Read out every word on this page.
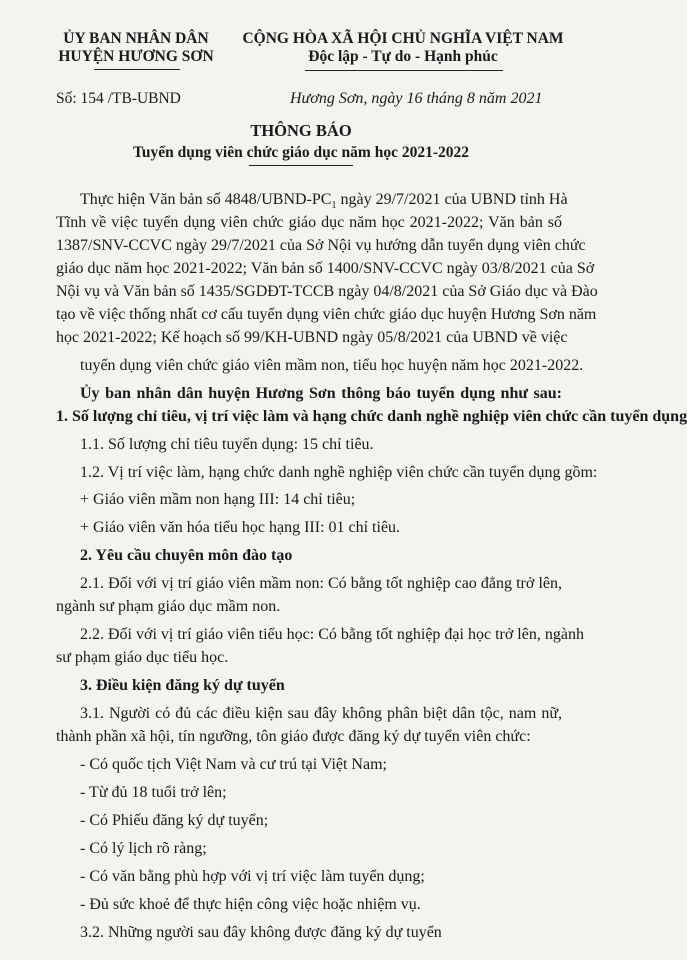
ỦY BAN NHÂN DÂN
HUYỆN HƯƠNG SƠN
CỘNG HÒA XÃ HỘI CHỦ NGHĨA VIỆT NAM
Độc lập - Tự do - Hạnh phúc
Số: 154 /TB-UBND	Hương Sơn, ngày 16 tháng 8 năm 2021
THÔNG BÁO
Tuyển dụng viên chức giáo dục năm học 2021-2022
Thực hiện Văn bản số $4848/UBND-PC_1$ ngày 29/7/2021 của UBND tỉnh Hà
Tĩnh về việc tuyển dụng viên chức giáo dục năm học 2021-2022; Văn bản số
1387/SNV-CCVC ngày 29/7/2021 của Sở Nội vụ hướng dẫn tuyển dụng viên chức
giáo dục năm học 2021-2022; Văn bản số 1400/SNV-CCVC ngày 03/8/2021 của Sở
Nội vụ và Văn bản số 1435/SGDĐT-TCCB ngày 04/8/2021 của Sở Giáo dục và Đào
tạo về việc thống nhất cơ cấu tuyển dụng viên chức giáo dục huyện Hương Sơn năm
học 2021-2022; Kế hoạch số 99/KH-UBND ngày 05/8/2021 của UBND về việc
tuyển dụng viên chức giáo viên mầm non, tiểu học huyện năm học 2021-2022.
Ủy ban nhân dân huyện Hương Sơn thông báo tuyển dụng như sau:
1. Số lượng chỉ tiêu, vị trí việc làm và hạng chức danh nghề nghiệp viên chức cần tuyển dụng
1.1. Số lượng chỉ tiêu tuyển dụng: 15 chỉ tiêu.
1.2. Vị trí việc làm, hạng chức danh nghề nghiệp viên chức cần tuyển dụng gồm:
+ Giáo viên mầm non hạng III: 14 chỉ tiêu;
+ Giáo viên văn hóa tiểu học hạng III: 01 chỉ tiêu.
2. Yêu cầu chuyên môn đào tạo
2.1. Đối với vị trí giáo viên mầm non: Có bằng tốt nghiệp cao đẳng trở lên,
ngành sư phạm giáo dục mầm non.
2.2. Đối với vị trí giáo viên tiểu học: Có bằng tốt nghiệp đại học trở lên, ngành
sư phạm giáo dục tiểu học.
3. Điều kiện đăng ký dự tuyển
3.1. Người có đủ các điều kiện sau đây không phân biệt dân tộc, nam nữ,
thành phần xã hội, tín ngưỡng, tôn giáo được đăng ký dự tuyển viên chức:
- Có quốc tịch Việt Nam và cư trú tại Việt Nam;
- Từ đủ 18 tuổi trở lên;
- Có Phiếu đăng ký dự tuyển;
- Có lý lịch rõ ràng;
- Có văn bằng phù hợp với vị trí việc làm tuyển dụng;
- Đủ sức khoẻ để thực hiện công việc hoặc nhiệm vụ.
3.2. Những người sau đây không được đăng ký dự tuyển
